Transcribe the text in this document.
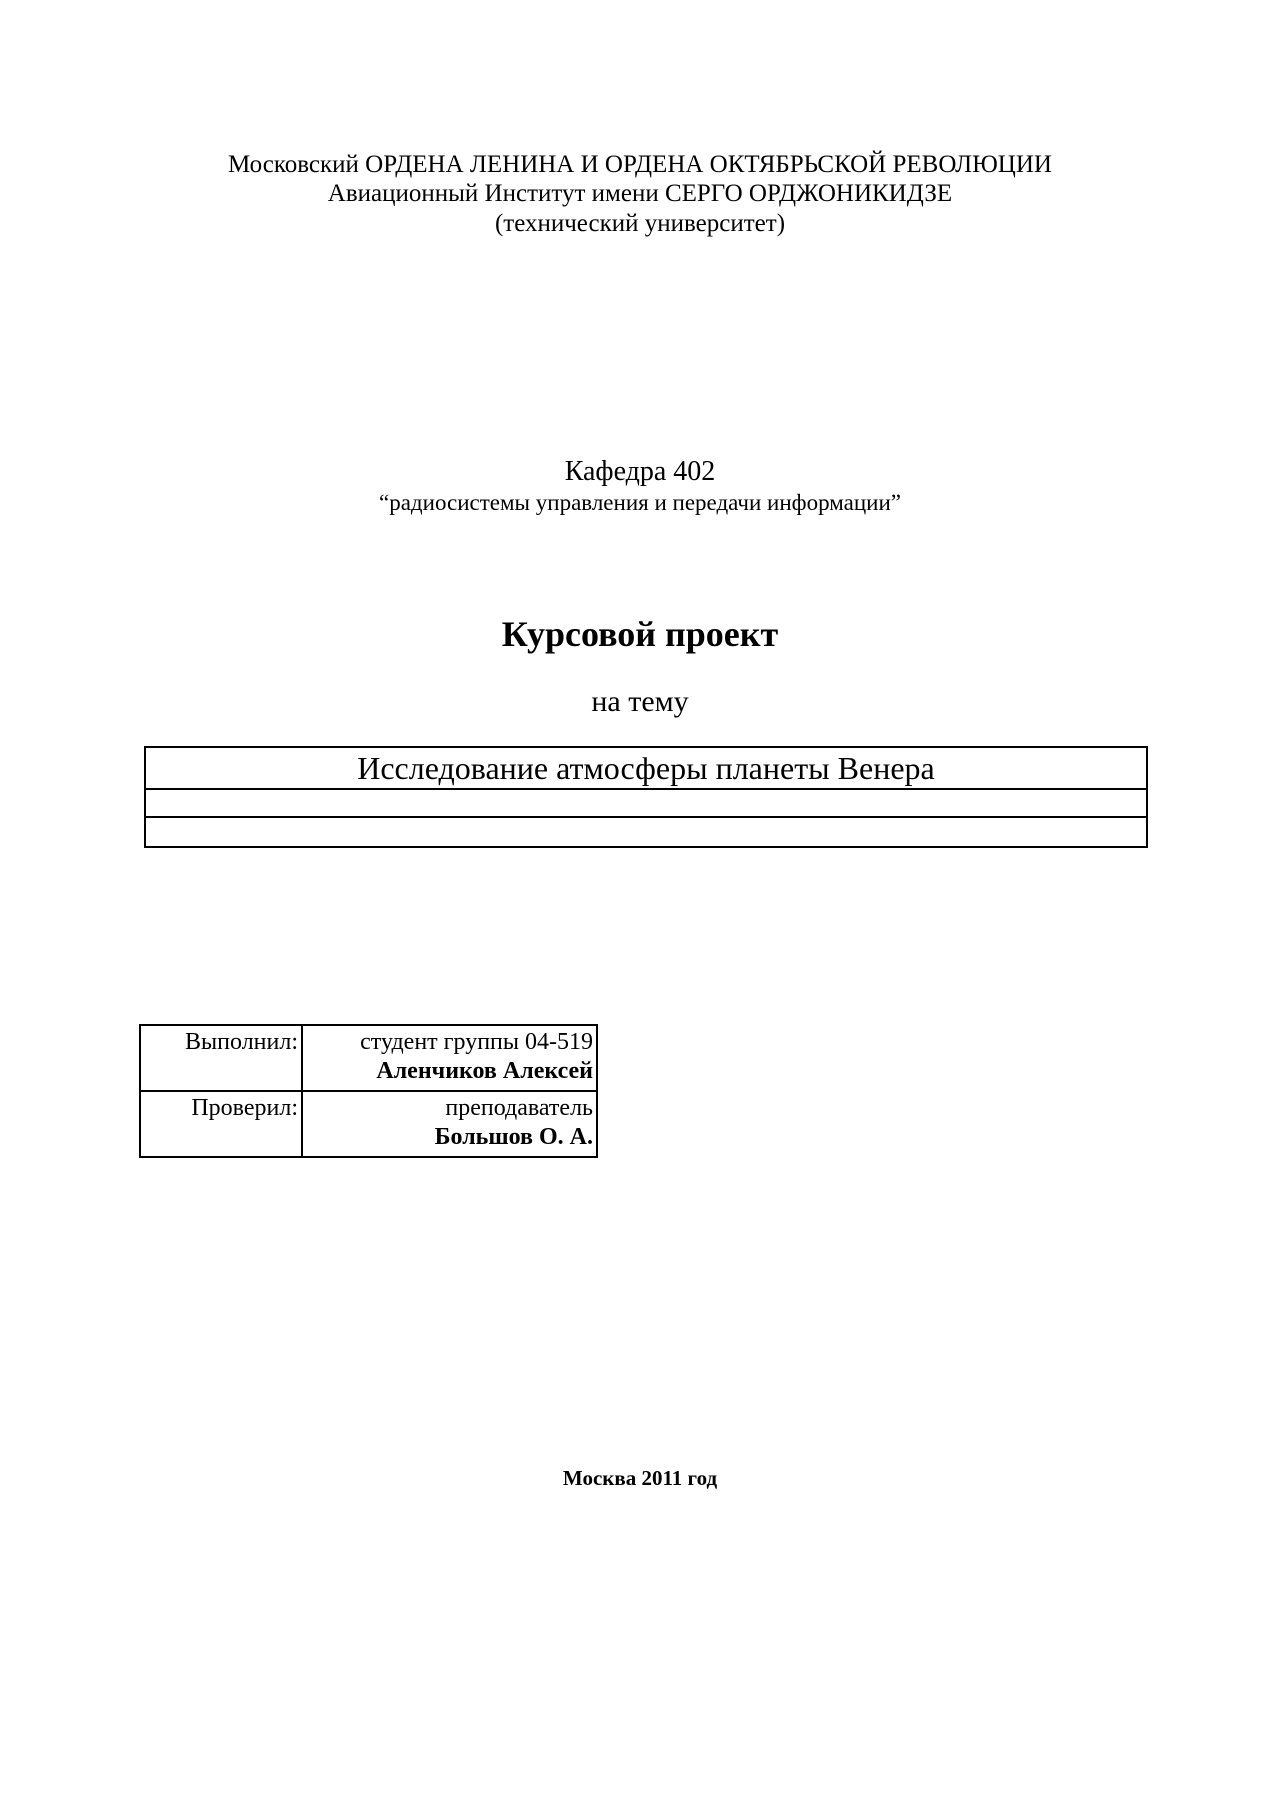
Московский ОРДЕНА ЛЕНИНА И ОРДЕНА ОКТЯБРЬСКОЙ РЕВОЛЮЦИИ
Авиационный Институт имени СЕРГО ОРДЖОНИКИДЗЕ
(технический университет)
Кафедра 402
“радиосистемы управления и передачи информации”
Курсовой проект
на тему
Исследование атмосферы планеты Венера

Выполнил:	студент группы 04-519
Аленчиков Алексей

Проверил:	преподаватель
Большов О. А.
Москва 2011 год
